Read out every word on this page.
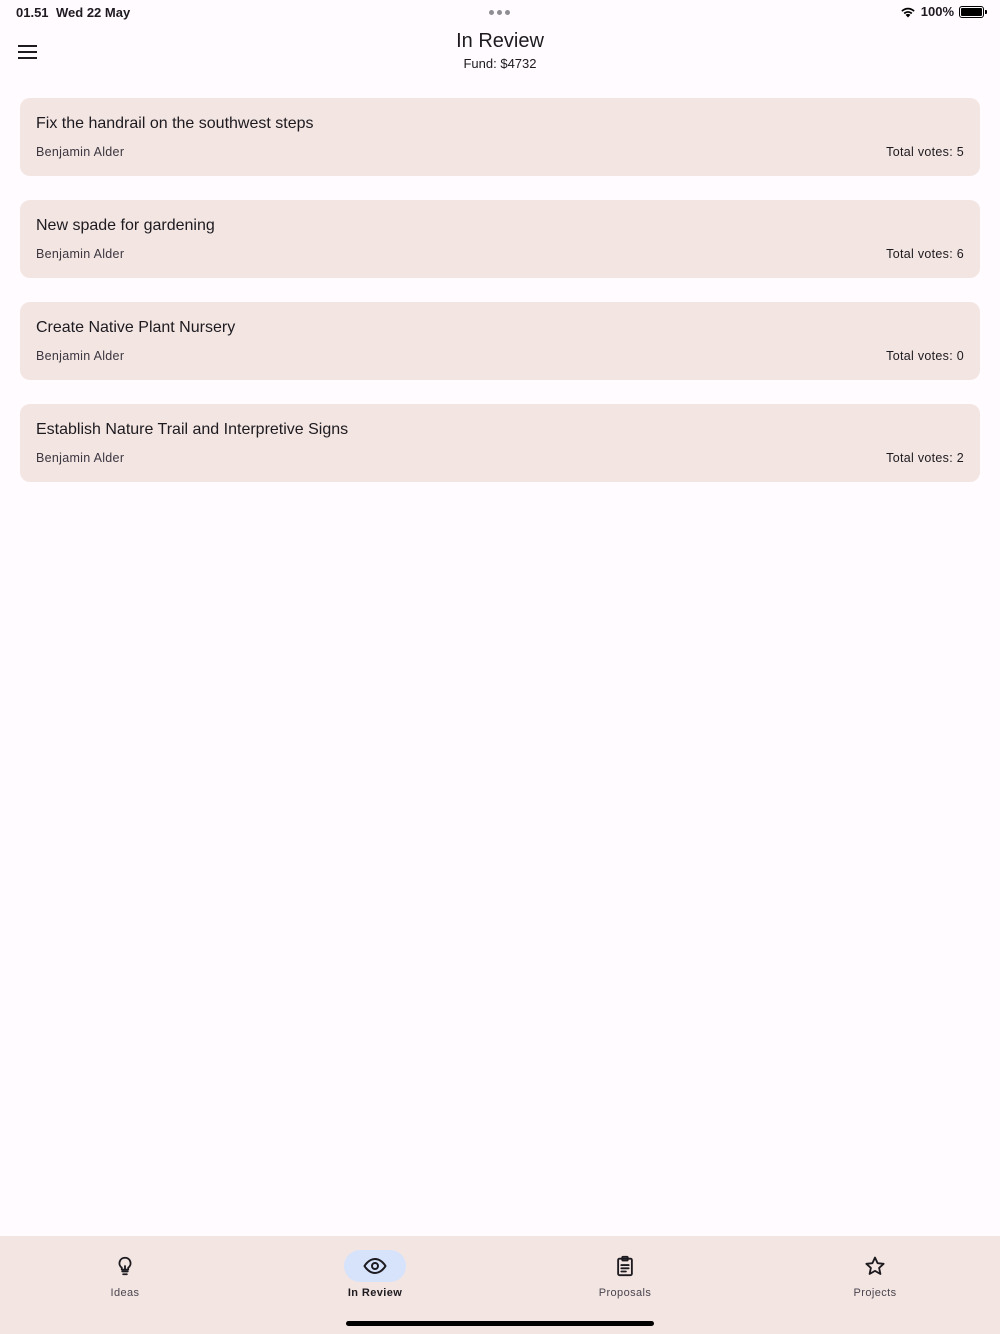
01.51 Wed 22 May	100%
In Review
Fund: $4732
Fix the handrail on the southwest steps
Benjamin Alder	Total votes: 5
New spade for gardening
Benjamin Alder	Total votes: 6
Create Native Plant Nursery
Benjamin Alder	Total votes: 0
Establish Nature Trail and Interpretive Signs
Benjamin Alder	Total votes: 2
Ideas	In Review	Proposals	Projects
